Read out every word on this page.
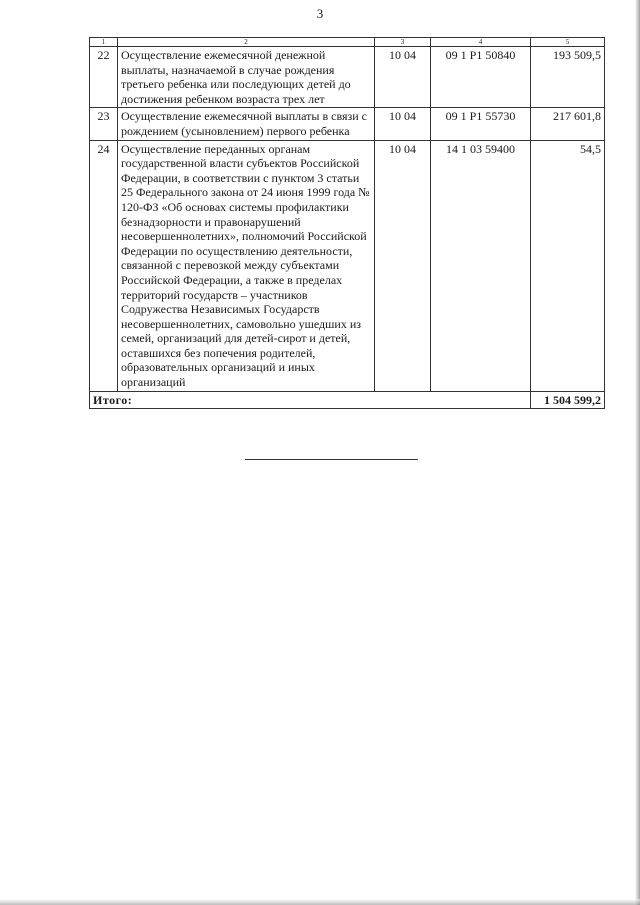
3
1	2	3	4	5
22	Осуществление ежемесячной денежной выплаты, назначаемой в случае рождения третьего ребенка или последующих детей до достижения ребенком возраста трех лет	10 04	09 1 P1 50840	193 509,5
23	Осуществление ежемесячной выплаты в связи с рождением (усыновлением) первого ребенка	10 04	09 1 P1 55730	217 601,8
24	Осуществление переданных органам государственной власти субъектов Российской Федерации, в соответствии с пунктом 3 статьи 25 Федерального закона от 24 июня 1999 года № 120-ФЗ «Об основах системы профилактики безнадзорности и правонарушений несовершеннолетних», полномочий Российской Федерации по осуществлению деятельности, связанной с перевозкой между субъектами Российской Федерации, а также в пределах территорий государств – участников Содружества Независимых Государств несовершеннолетних, самовольно ушедших из семей, организаций для детей-сирот и детей, оставшихся без попечения родителей, образовательных организаций и иных организаций	10 04	14 1 03 59400	54,5
Итого:				1 504 599,2
